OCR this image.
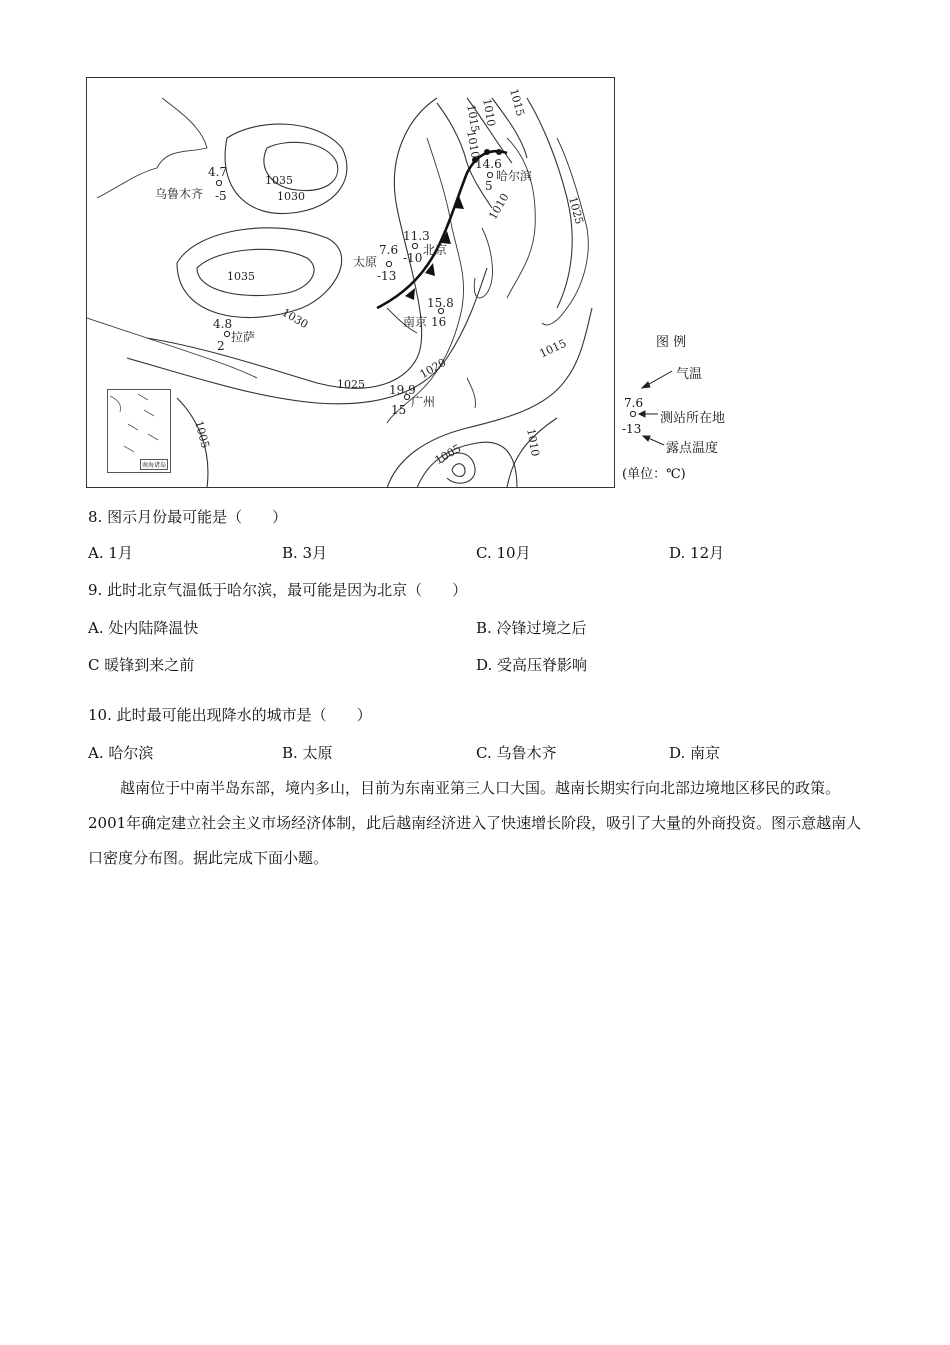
4.7
乌鲁木齐 -5
14.6
哈尔滨
5
11.3
北京
-10
7.6
太原
-13
15.8
南京 16
4.8
拉萨
2
19.9
广州
15
1035
1030
1035
1030
1025
1020
1015
1010
1005
1005
1010 1015
1010
1015
1010
1025
南海诸岛
图 例
气温
7.6
测站所在地
-13
露点温度
(单位：℃)
8. 图示月份最可能是（　　）
A. 1月	B. 3月	C. 10月	D. 12月
9. 此时北京气温低于哈尔滨，最可能是因为北京（　　）
A. 处内陆降温快	B. 冷锋过境之后
C 暖锋到来之前	D. 受高压脊影响
10. 此时最可能出现降水的城市是（　　）
A. 哈尔滨	B. 太原	C. 乌鲁木齐	D. 南京

越南位于中南半岛东部，境内多山，目前为东南亚第三人口大国。越南长期实行向北部边境地区移民的政策。2001年确定建立社会主义市场经济体制，此后越南经济进入了快速增长阶段，吸引了大量的外商投资。图示意越南人口密度分布图。据此完成下面小题。
